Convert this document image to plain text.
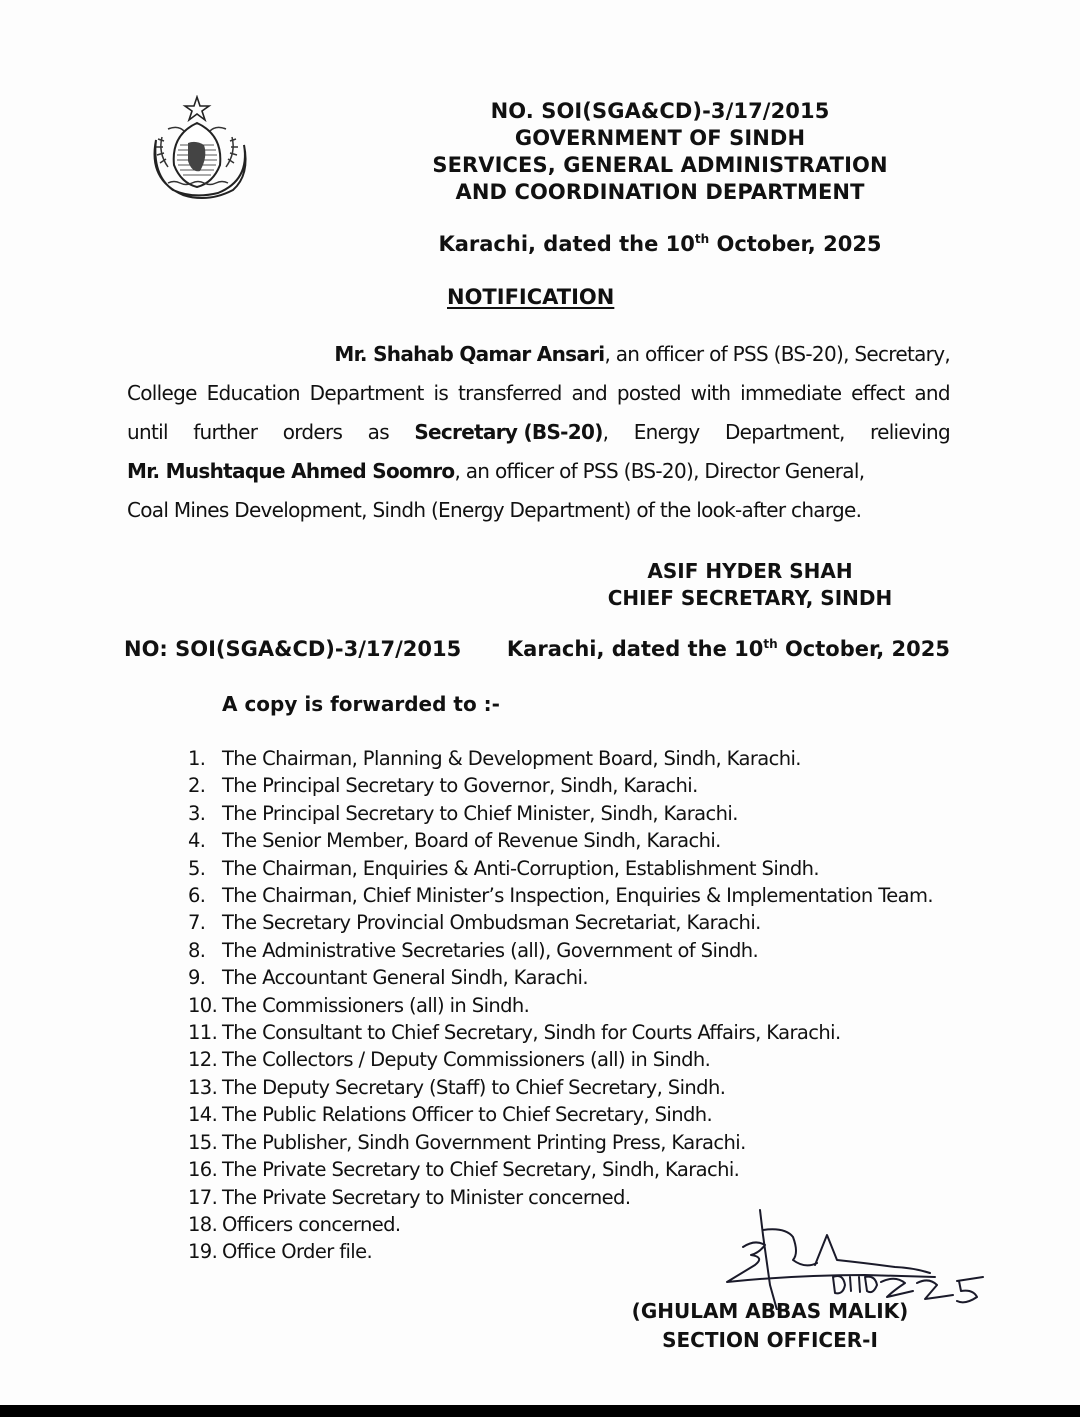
NO. SOI(SGA&CD)-3/17/2015
GOVERNMENT OF SINDH
SERVICES, GENERAL ADMINISTRATION
AND COORDINATION DEPARTMENT
Karachi, dated the 10th October, 2025
NOTIFICATION
Mr. Shahab Qamar Ansari, an officer of PSS (BS-20), Secretary,
College Education Department is transferred and posted with immediate effect and
until further orders as Secretary (BS-20), Energy Department, relieving
Mr. Mushtaque Ahmed Soomro, an officer of PSS (BS-20), Director General,
Coal Mines Development, Sindh (Energy Department) of the look-after charge.
ASIF HYDER SHAH
CHIEF SECRETARY, SINDH
NO: SOI(SGA&CD)-3/17/2015 Karachi, dated the 10th October, 2025
A copy is forwarded to :-
1. The Chairman, Planning & Development Board, Sindh, Karachi.
2. The Principal Secretary to Governor, Sindh, Karachi.
3. The Principal Secretary to Chief Minister, Sindh, Karachi.
4. The Senior Member, Board of Revenue Sindh, Karachi.
5. The Chairman, Enquiries & Anti-Corruption, Establishment Sindh.
6. The Chairman, Chief Minister’s Inspection, Enquiries & Implementation Team.
7. The Secretary Provincial Ombudsman Secretariat, Karachi.
8. The Administrative Secretaries (all), Government of Sindh.
9. The Accountant General Sindh, Karachi.
10. The Commissioners (all) in Sindh.
11. The Consultant to Chief Secretary, Sindh for Courts Affairs, Karachi.
12. The Collectors / Deputy Commissioners (all) in Sindh.
13. The Deputy Secretary (Staff) to Chief Secretary, Sindh.
14. The Public Relations Officer to Chief Secretary, Sindh.
15. The Publisher, Sindh Government Printing Press, Karachi.
16. The Private Secretary to Chief Secretary, Sindh, Karachi.
17. The Private Secretary to Minister concerned.
18. Officers concerned.
19. Office Order file.
(GHULAM ABBAS MALIK)
SECTION OFFICER-I
